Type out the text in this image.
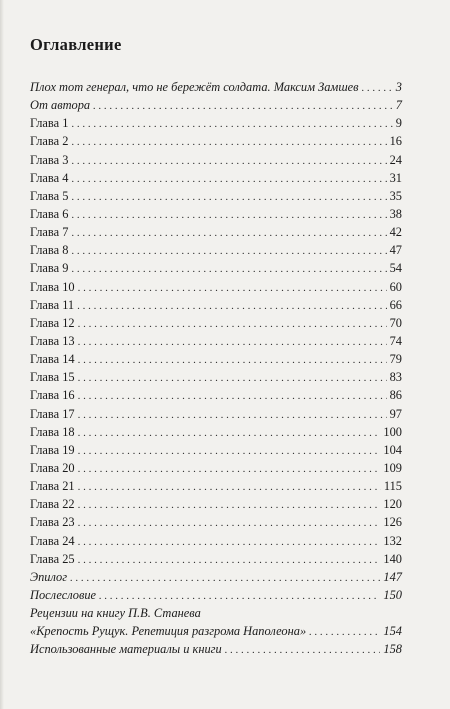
Оглавление
Плох тот генерал, что не бережёт солдата. Максим Замшев . . .	3
От автора . . .	7
Глава 1 . . .	9
Глава 2 . . .	16
Глава 3 . . .	24
Глава 4 . . .	31
Глава 5 . . .	35
Глава 6 . . .	38
Глава 7 . . .	42
Глава 8 . . .	47
Глава 9 . . .	54
Глава 10 . . .	60
Глава 11 . . .	66
Глава 12 . . .	70
Глава 13 . . .	74
Глава 14 . . .	79
Глава 15 . . .	83
Глава 16 . . .	86
Глава 17 . . .	97
Глава 18 . . .	100
Глава 19 . . .	104
Глава 20 . . .	109
Глава 21 . . .	115
Глава 22 . . .	120
Глава 23 . . .	126
Глава 24 . . .	132
Глава 25 . . .	140
Эпилог . . .	147
Послесловие . . .	150
Рецензии на книгу П.В. Станева
«Крепость Рущук. Репетиция разгрома Наполеона» . . .	154
Использованные материалы и книги . . .	158
